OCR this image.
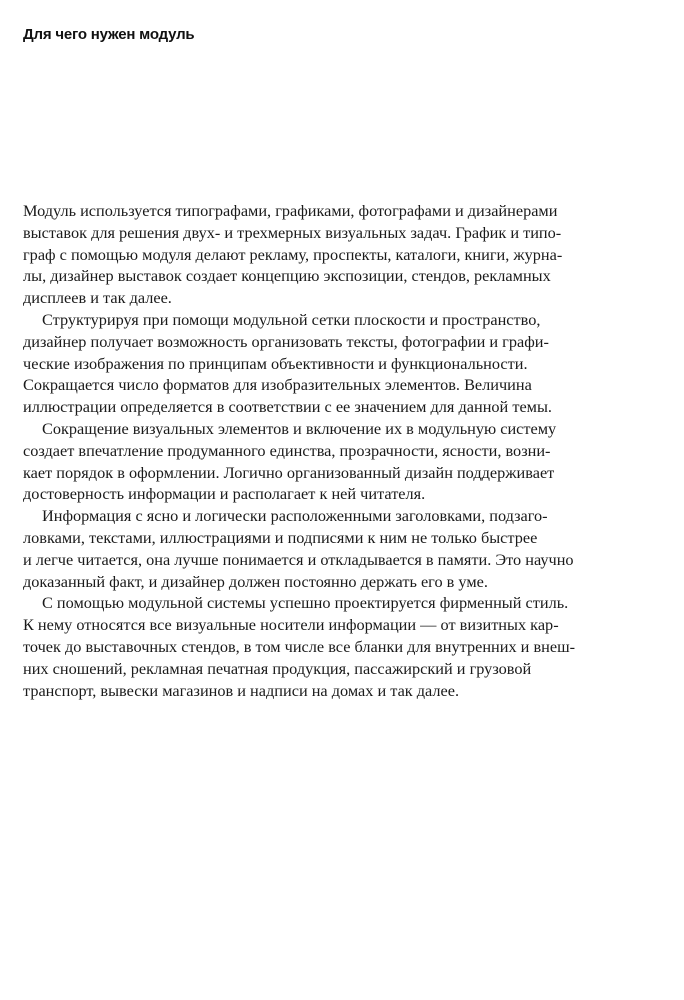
Для чего нужен модуль

Модуль используется типографами, графиками, фотографами и дизайнерами
выставок для решения двух- и трехмерных визуальных задач. График и типо-
граф с помощью модуля делают рекламу, проспекты, каталоги, книги, журна-
лы, дизайнер выставок создает концепцию экспозиции, стендов, рекламных
дисплеев и так далее.

Структурируя при помощи модульной сетки плоскости и пространство,
дизайнер получает возможность организовать тексты, фотографии и графи-
ческие изображения по принципам объективности и функциональности.
Сокращается число форматов для изобразительных элементов. Величина
иллюстрации определяется в соответствии с ее значением для данной темы.

Сокращение визуальных элементов и включение их в модульную систему
создает впечатление продуманного единства, прозрачности, ясности, возни-
кает порядок в оформлении. Логично организованный дизайн поддерживает
достоверность информации и располагает к ней читателя.

Информация с ясно и логически расположенными заголовками, подзаго-
ловками, текстами, иллюстрациями и подписями к ним не только быстрее
и легче читается, она лучше понимается и откладывается в памяти. Это научно
доказанный факт, и дизайнер должен постоянно держать его в уме.

С помощью модульной системы успешно проектируется фирменный стиль.
К нему относятся все визуальные носители информации — от визитных кар-
точек до выставочных стендов, в том числе все бланки для внутренних и внеш-
них сношений, рекламная печатная продукция, пассажирский и грузовой
транспорт, вывески магазинов и надписи на домах и так далее.
